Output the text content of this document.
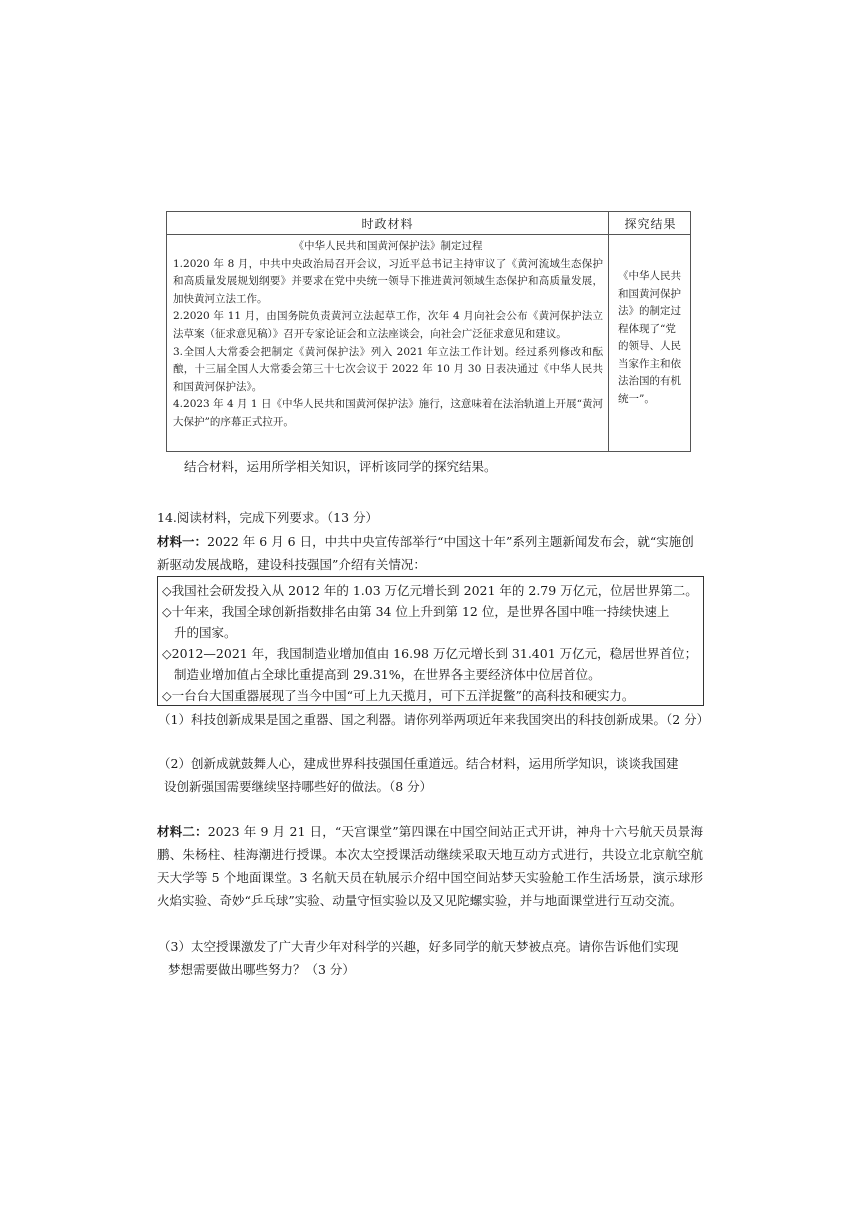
时政材料	探究结果

《中华人民共和国黄河保护法》制定过程

1.2020 年 8 月，中共中央政治局召开会议，习近平总书记主持审议了《黄河流域生态保护和高质量发展规划纲要》并要求在党中央统一领导下推进黄河领域生态保护和高质量发展，加快黄河立法工作。

2.2020 年 11 月，由国务院负责黄河立法起草工作，次年 4 月向社会公布《黄河保护法立法草案（征求意见稿）》召开专家论证会和立法座谈会，向社会广泛征求意见和建议。

3.全国人大常委会把制定《黄河保护法》列入 2021 年立法工作计划。经过系列修改和酝酿，十三届全国人大常委会第三十七次会议于 2022 年 10 月 30 日表决通过《中华人民共和国黄河保护法》。

4.2023 年 4 月 1 日《中华人民共和国黄河保护法》施行，这意味着在法治轨道上开展“黄河大保护”的序幕正式拉开。

《中华人民共和国黄河保护法》的制定过程体现了“党的领导、人民当家作主和依法治国的有机统一”。
结合材料，运用所学相关知识，评析该同学的探究结果。
14.阅读材料，完成下列要求。（13 分）
材料一：2022 年 6 月 6 日，中共中央宣传部举行“中国这十年”系列主题新闻发布会，就“实施创新驱动发展战略，建设科技强国”介绍有关情况：

◇我国社会研发投入从 2012 年的 1.03 万亿元增长到 2021 年的 2.79 万亿元，位居世界第二。

◇十年来，我国全球创新指数排名由第 34 位上升到第 12 位，是世界各国中唯一持续快速上

升的国家。

◇2012—2021 年，我国制造业增加值由 16.98 万亿元增长到 31.401 万亿元，稳居世界首位；

制造业增加值占全球比重提高到 29.31%，在世界各主要经济体中位居首位。

◇一台台大国重器展现了当今中国“可上九天揽月，可下五洋捉鳖”的高科技和硬实力。

（1）科技创新成果是国之重器、国之利器。请你列举两项近年来我国突出的科技创新成果。（2 分）
（2）创新成就鼓舞人心，建成世界科技强国任重道远。结合材料，运用所学知识，谈谈我国建
设创新强国需要继续坚持哪些好的做法。（8 分）
材料二：2023 年 9 月 21 日，“天宫课堂”第四课在中国空间站正式开讲，神舟十六号航天员景海鹏、朱杨柱、桂海潮进行授课。本次太空授课活动继续采取天地互动方式进行，共设立北京航空航天大学等 5 个地面课堂。3 名航天员在轨展示介绍中国空间站梦天实验舱工作生活场景，演示球形火焰实验、奇妙“乒乓球”实验、动量守恒实验以及又见陀螺实验，并与地面课堂进行互动交流。
（3）太空授课激发了广大青少年对科学的兴趣，好多同学的航天梦被点亮。请你告诉他们实现
梦想需要做出哪些努力？（3 分）
